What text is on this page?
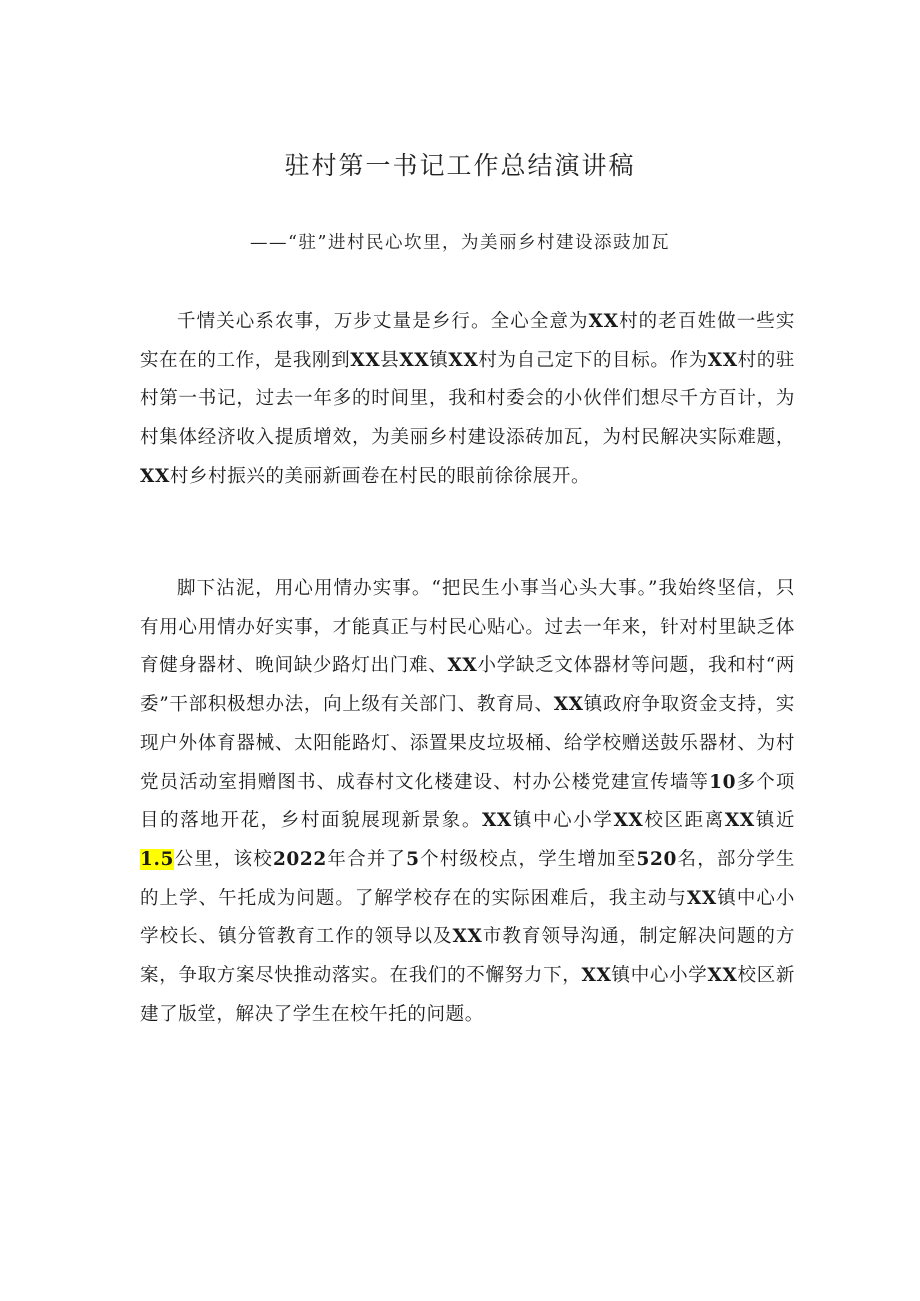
驻村第一书记工作总结演讲稿
——“驻”进村民心坎里，为美丽乡村建设添豉加瓦

千情关心系农事，万步丈量是乡行。全心全意为XX村的老百姓做一些实实在在的工作，是我刚到XX县XX镇XX村为自己定下的目标。作为XX村的驻村第一书记，过去一年多的时间里，我和村委会的小伙伴们想尽千方百计，为村集体经济收入提质增效，为美丽乡村建设添砖加瓦，为村民解决实际难题，XX村乡村振兴的美丽新画卷在村民的眼前徐徐展开。

脚下沾泥，用心用情办实事。“把民生小事当心头大事。”我始终坚信，只有用心用情办好实事，才能真正与村民心贴心。过去一年来，针对村里缺乏体育健身器材、晚间缺少路灯出门难、XX小学缺乏文体器材等问题，我和村“两委”干部积极想办法，向上级有关部门、教育局、XX镇政府争取资金支持，实现户外体育器械、太阳能路灯、添置果皮垃圾桶、给学校赠送鼓乐器材、为村党员活动室捐赠图书、成春村文化楼建设、村办公楼党建宣传墙等10多个项目的落地开花，乡村面貌展现新景象。XX镇中心小学XX校区距离XX镇近1.5公里，该校2022年合并了5个村级校点，学生增加至520名，部分学生的上学、午托成为问题。了解学校存在的实际困难后，我主动与XX镇中心小学校长、镇分管教育工作的领导以及XX市教育领导沟通，制定解决问题的方案，争取方案尽快推动落实。在我们的不懈努力下，XX镇中心小学XX校区新建了版堂，解决了学生在校午托的问题。
